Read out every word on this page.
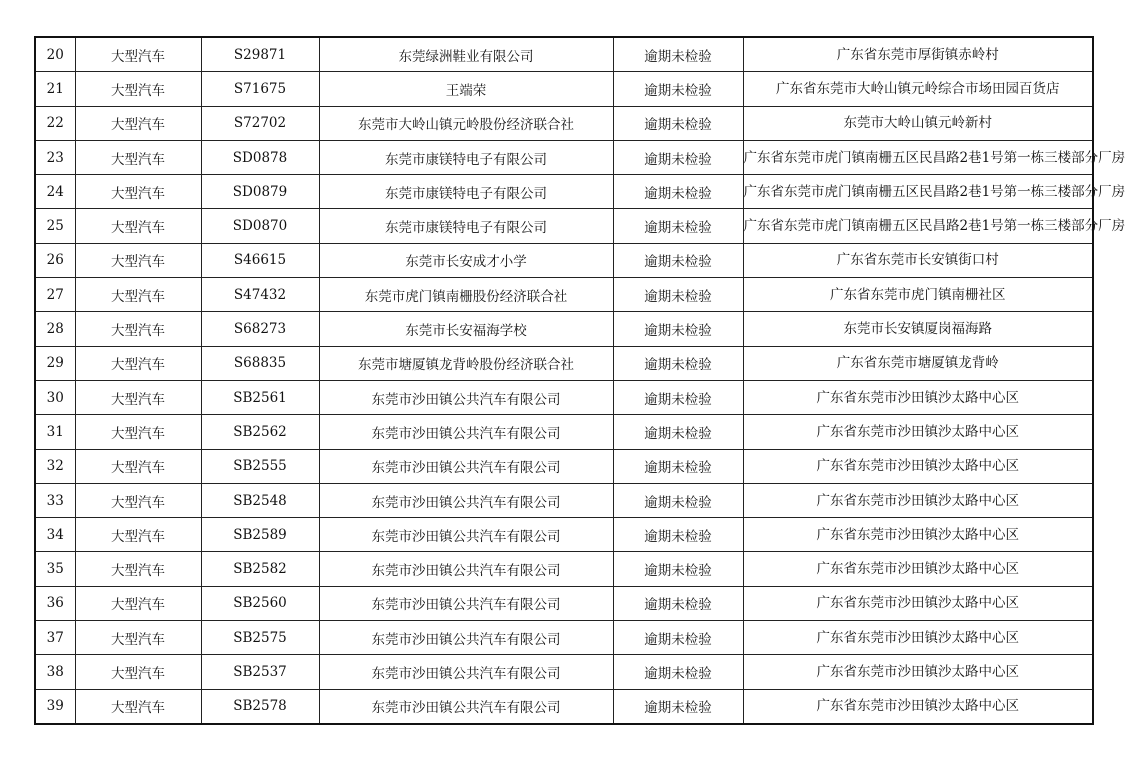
20	大型汽车	S29871	东莞绿洲鞋业有限公司	逾期未检验	广东省东莞市厚街镇赤岭村

21	大型汽车	S71675	王端荣	逾期未检验	广东省东莞市大岭山镇元岭综合市场田园百货店

22	大型汽车	S72702	东莞市大岭山镇元岭股份经济联合社	逾期未检验	东莞市大岭山镇元岭新村

23	大型汽车	SD0878	东莞市康镁特电子有限公司	逾期未检验	广东省东莞市虎门镇南栅五区民昌路2巷1号第一栋三楼部分厂房

24	大型汽车	SD0879	东莞市康镁特电子有限公司	逾期未检验	广东省东莞市虎门镇南栅五区民昌路2巷1号第一栋三楼部分厂房

25	大型汽车	SD0870	东莞市康镁特电子有限公司	逾期未检验	广东省东莞市虎门镇南栅五区民昌路2巷1号第一栋三楼部分厂房

26	大型汽车	S46615	东莞市长安成才小学	逾期未检验	广东省东莞市长安镇街口村

27	大型汽车	S47432	东莞市虎门镇南栅股份经济联合社	逾期未检验	广东省东莞市虎门镇南栅社区

28	大型汽车	S68273	东莞市长安福海学校	逾期未检验	东莞市长安镇厦岗福海路

29	大型汽车	S68835	东莞市塘厦镇龙背岭股份经济联合社	逾期未检验	广东省东莞市塘厦镇龙背岭

30	大型汽车	SB2561	东莞市沙田镇公共汽车有限公司	逾期未检验	广东省东莞市沙田镇沙太路中心区

31	大型汽车	SB2562	东莞市沙田镇公共汽车有限公司	逾期未检验	广东省东莞市沙田镇沙太路中心区

32	大型汽车	SB2555	东莞市沙田镇公共汽车有限公司	逾期未检验	广东省东莞市沙田镇沙太路中心区

33	大型汽车	SB2548	东莞市沙田镇公共汽车有限公司	逾期未检验	广东省东莞市沙田镇沙太路中心区

34	大型汽车	SB2589	东莞市沙田镇公共汽车有限公司	逾期未检验	广东省东莞市沙田镇沙太路中心区

35	大型汽车	SB2582	东莞市沙田镇公共汽车有限公司	逾期未检验	广东省东莞市沙田镇沙太路中心区

36	大型汽车	SB2560	东莞市沙田镇公共汽车有限公司	逾期未检验	广东省东莞市沙田镇沙太路中心区

37	大型汽车	SB2575	东莞市沙田镇公共汽车有限公司	逾期未检验	广东省东莞市沙田镇沙太路中心区

38	大型汽车	SB2537	东莞市沙田镇公共汽车有限公司	逾期未检验	广东省东莞市沙田镇沙太路中心区

39	大型汽车	SB2578	东莞市沙田镇公共汽车有限公司	逾期未检验	广东省东莞市沙田镇沙太路中心区
